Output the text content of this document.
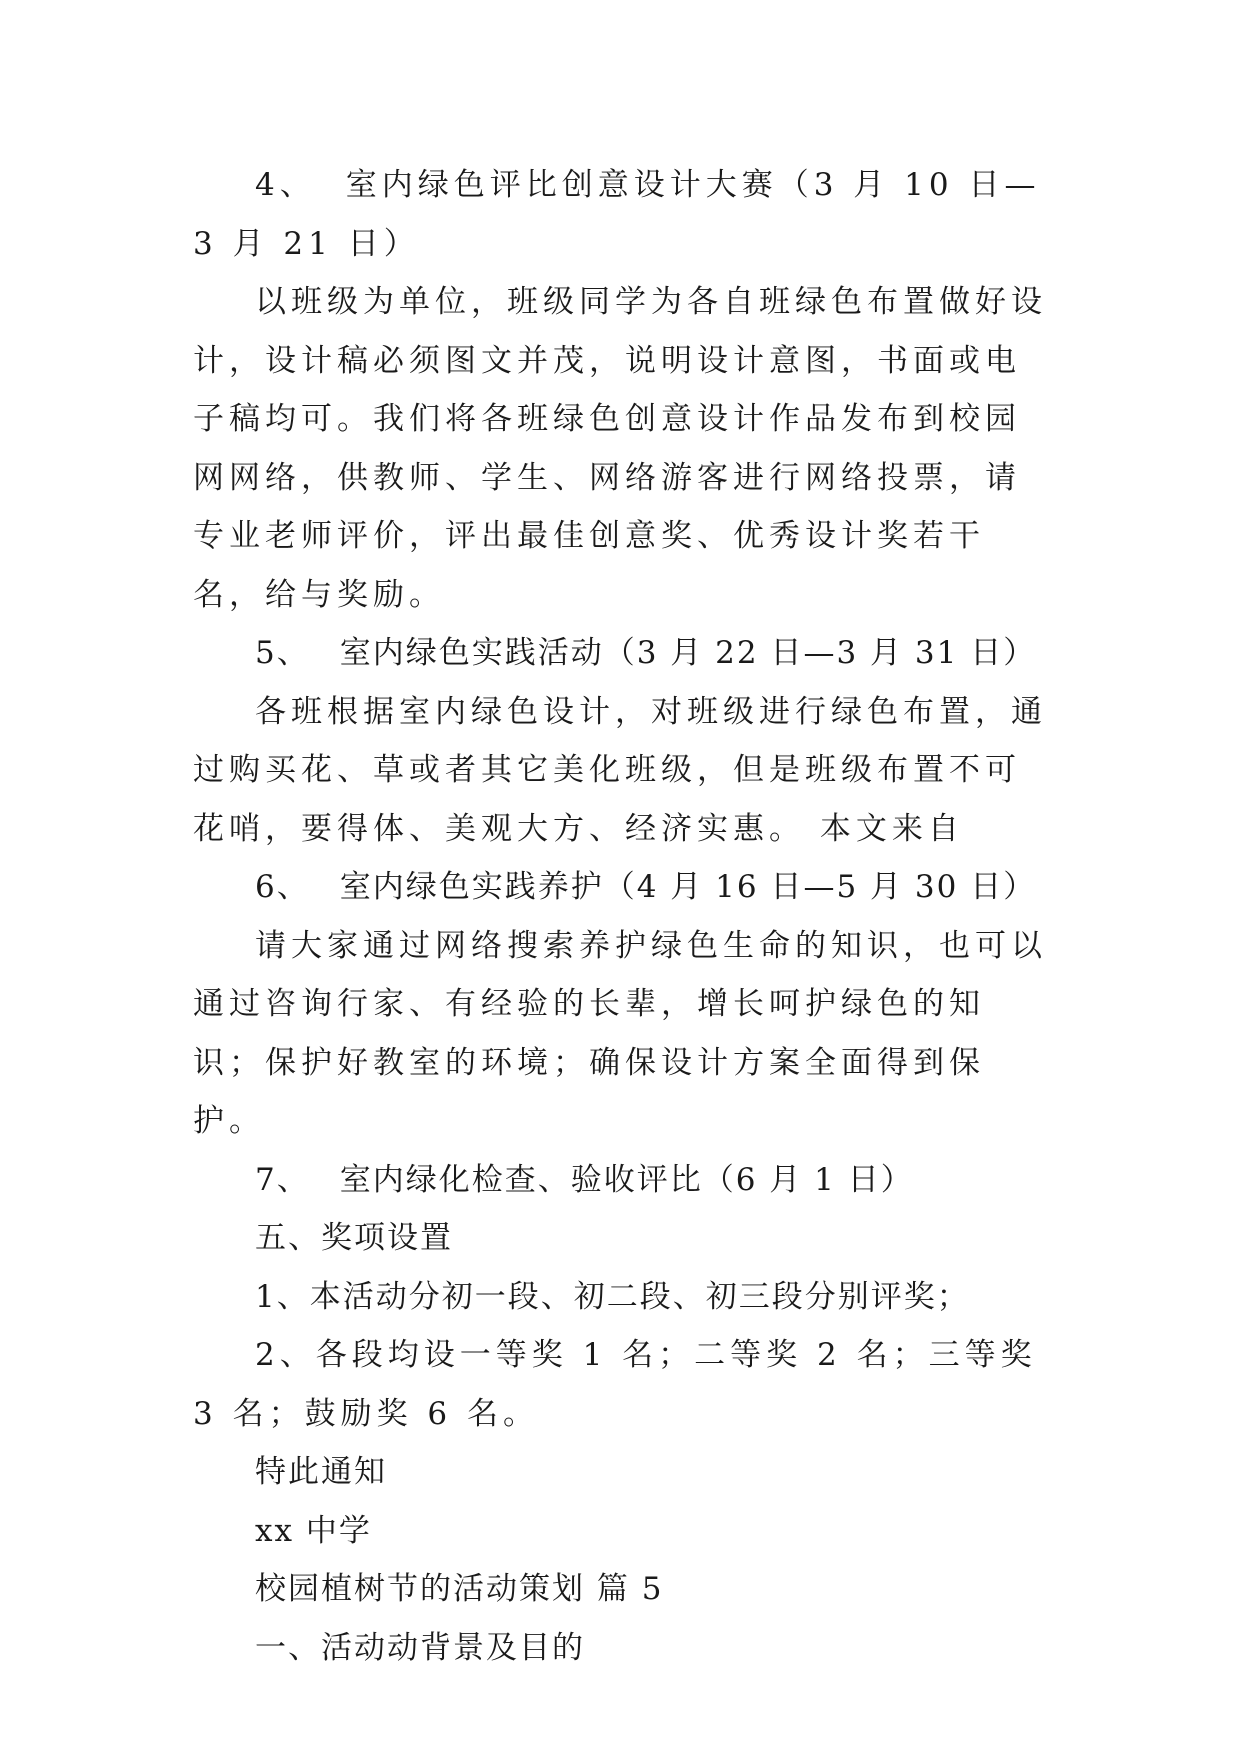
4、 室内绿色评比创意设计大赛（3 月 10 日—3 月 21 日）

以班级为单位，班级同学为各自班绿色布置做好设计，设计稿必须图文并茂，说明设计意图，书面或电子稿均可。我们将各班绿色创意设计作品发布到校园网网络，供教师、学生、网络游客进行网络投票，请专业老师评价，评出最佳创意奖、优秀设计奖若干名，给与奖励。

5、 室内绿色实践活动（3 月 22 日—3 月 31 日）

各班根据室内绿色设计，对班级进行绿色布置，通过购买花、草或者其它美化班级，但是班级布置不可花哨，要得体、美观大方、经济实惠。 本文来自

6、 室内绿色实践养护（4 月 16 日—5 月 30 日）

请大家通过网络搜索养护绿色生命的知识，也可以通过咨询行家、有经验的长辈，增长呵护绿色的知识；保护好教室的环境；确保设计方案全面得到保护。

7、 室内绿化检查、验收评比（6 月 1 日）

五、奖项设置

1、本活动分初一段、初二段、初三段分别评奖；

2、各段均设一等奖 1 名；二等奖 2 名；三等奖 3 名；鼓励奖 6 名。

特此通知

xx 中学

校园植树节的活动策划 篇 5

一、活动动背景及目的
